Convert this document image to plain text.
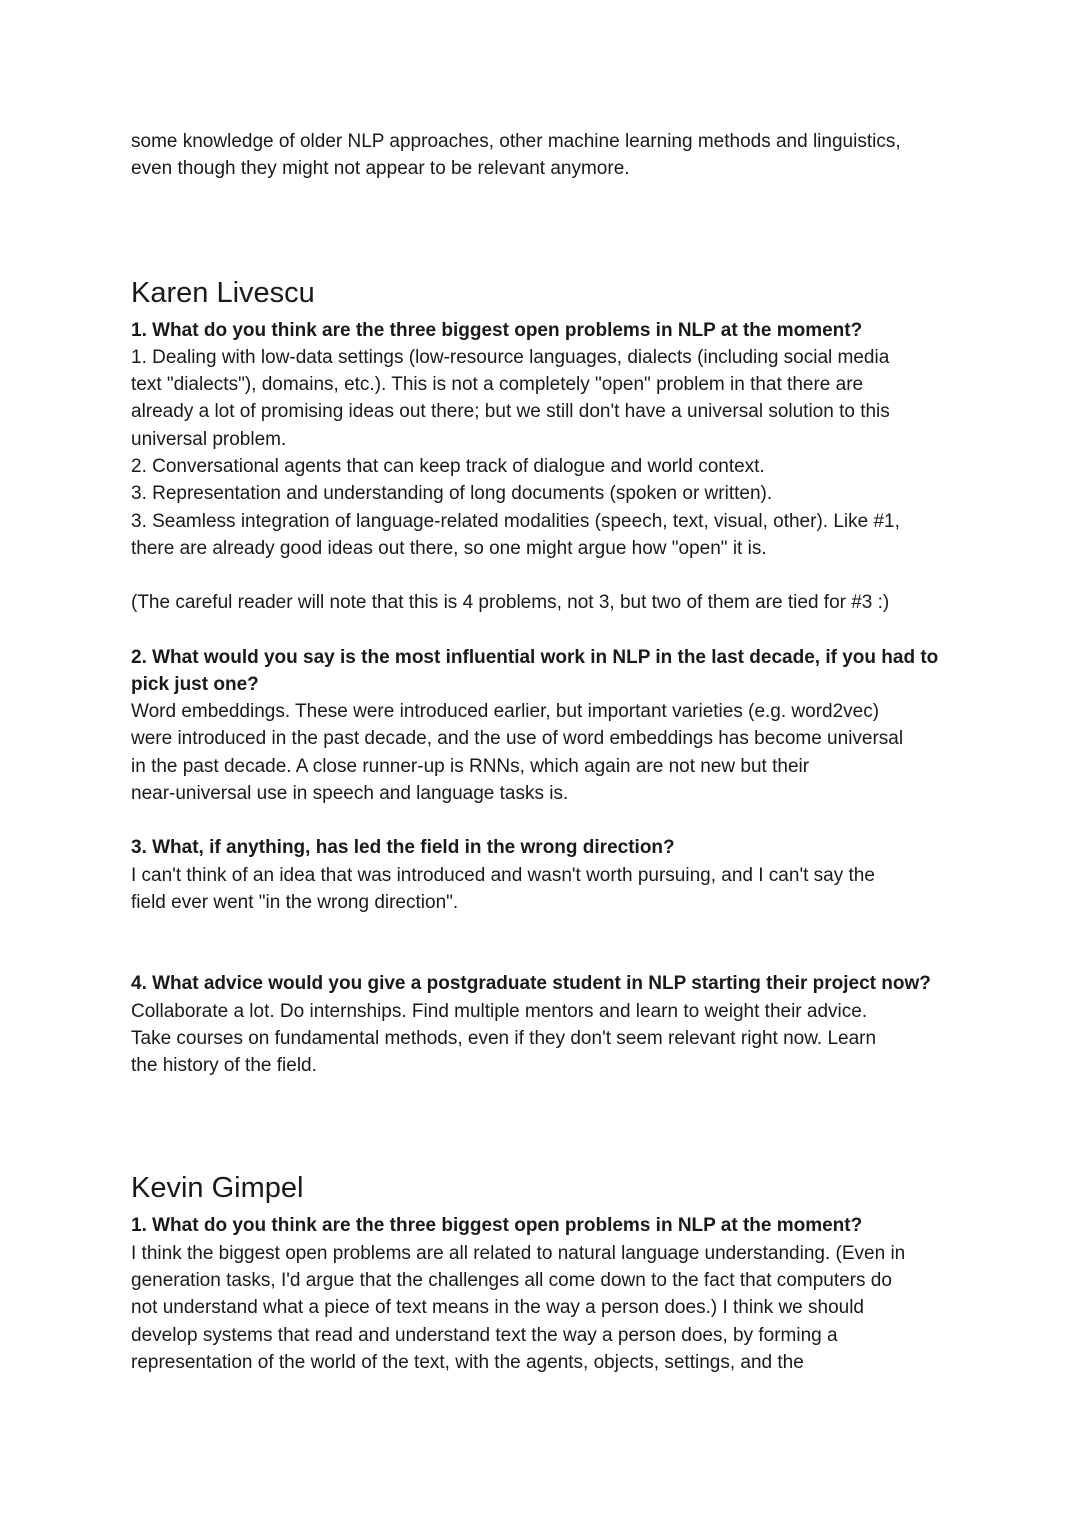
some knowledge of older NLP approaches, other machine learning methods and linguistics,

even though they might not appear to be relevant anymore.

Karen Livescu

1. What do you think are the three biggest open problems in NLP at the moment?

1. Dealing with low-data settings (low-resource languages, dialects (including social media

text "dialects"), domains, etc.). This is not a completely "open" problem in that there are

already a lot of promising ideas out there; but we still don't have a universal solution to this

universal problem.

2. Conversational agents that can keep track of dialogue and world context.

3. Representation and understanding of long documents (spoken or written).

3. Seamless integration of language-related modalities (speech, text, visual, other). Like #1,

there are already good ideas out there, so one might argue how "open" it is.

(The careful reader will note that this is 4 problems, not 3, but two of them are tied for #3 :)

2. What would you say is the most influential work in NLP in the last decade, if you had to

pick just one?

Word embeddings. These were introduced earlier, but important varieties (e.g. word2vec)

were introduced in the past decade, and the use of word embeddings has become universal

in the past decade. A close runner-up is RNNs, which again are not new but their

near-universal use in speech and language tasks is.

3. What, if anything, has led the field in the wrong direction?

I can't think of an idea that was introduced and wasn't worth pursuing, and I can't say the

field ever went "in the wrong direction".

4. What advice would you give a postgraduate student in NLP starting their project now?

Collaborate a lot. Do internships. Find multiple mentors and learn to weight their advice.

Take courses on fundamental methods, even if they don't seem relevant right now. Learn

the history of the field.

Kevin Gimpel

1. What do you think are the three biggest open problems in NLP at the moment?

I think the biggest open problems are all related to natural language understanding. (Even in

generation tasks, I'd argue that the challenges all come down to the fact that computers do

not understand what a piece of text means in the way a person does.) I think we should

develop systems that read and understand text the way a person does, by forming a

representation of the world of the text, with the agents, objects, settings, and the
